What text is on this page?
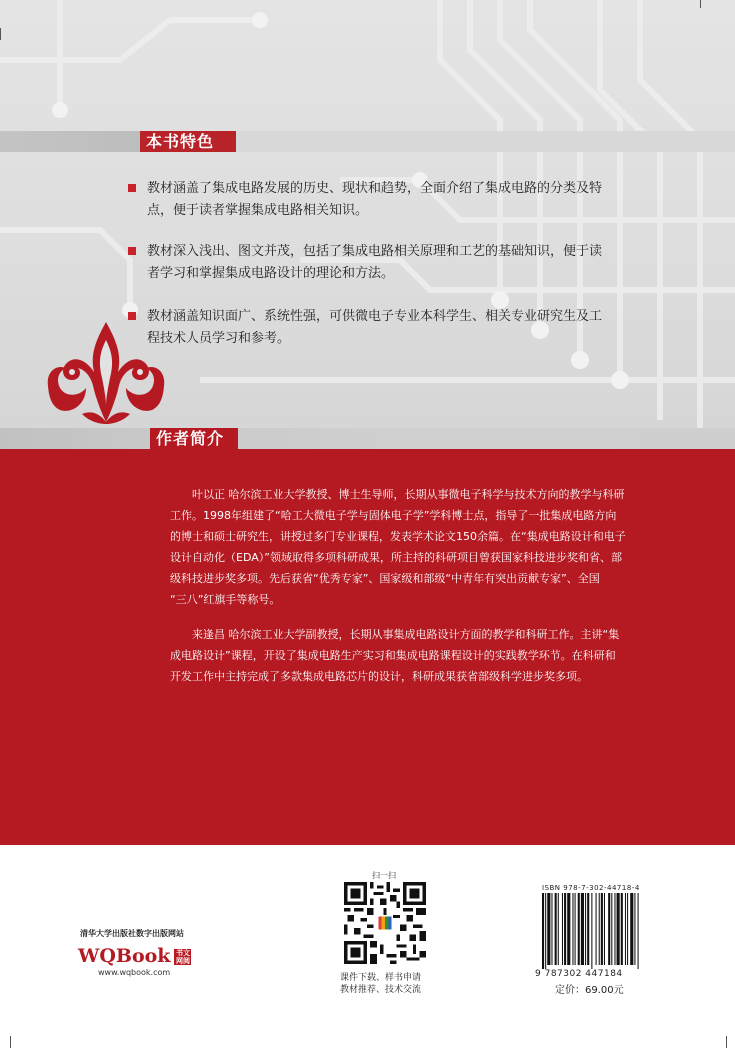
本书特色
教材涵盖了集成电路发展的历史、现状和趋势，全面介绍了集成电路的分类及特
点，便于读者掌握集成电路相关知识。
教材深入浅出、图文并茂，包括了集成电路相关原理和工艺的基础知识，便于读
者学习和掌握集成电路设计的理论和方法。
教材涵盖知识面广、系统性强，可供微电子专业本科学生、相关专业研究生及工
程技术人员学习和参考。
作者简介
叶以正 哈尔滨工业大学教授、博士生导师，长期从事微电子科学与技术方向的教学与科研
工作。1998年组建了“哈工大微电子学与固体电子学”学科博士点，指导了一批集成电路方向
的博士和硕士研究生，讲授过多门专业课程，发表学术论文150余篇。在“集成电路设计和电子
设计自动化（EDA）”领域取得多项科研成果，所主持的科研项目曾获国家科技进步奖和省、部
级科技进步奖多项。先后获省“优秀专家”、国家级和部级“中青年有突出贡献专家”、全国
“三八”红旗手等称号。
来逢昌 哈尔滨工业大学副教授，长期从事集成电路设计方面的教学和科研工作。主讲“集
成电路设计”课程，开设了集成电路生产实习和集成电路课程设计的实践教学环节。在科研和
开发工作中主持完成了多款集成电路芯片的设计，科研成果获省部级科学进步奖多项。
清华大学出版社数字出版网站
WQBook 书文网阅
www.wqbook.com
扫一扫
课件下载、样书申请
教材推荐、技术交流
ISBN 978-7-302-44718-4
9 787302 447184
定价：69.00元
